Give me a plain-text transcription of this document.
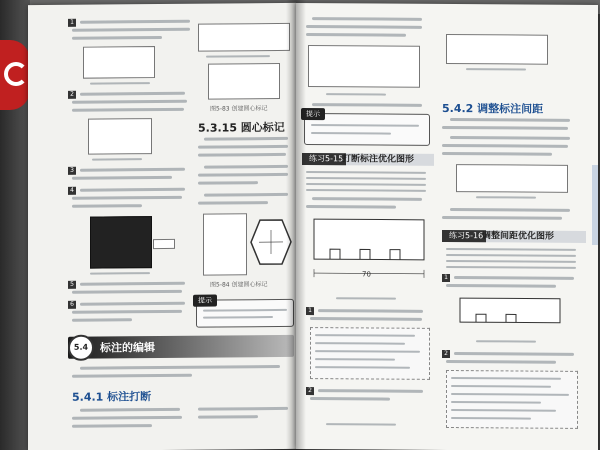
1
2
3
4
5
6
图5-83 创建圆心标记
5.3.15 圆心标记
图5-84 创建圆心标记
提示
5.4	标注的编辑
5.4.1 标注打断
提示
练习5-15
打断标注优化图形
70
1
2
5.4.2 调整标注间距
练习5-16
调整间距优化图形
1
2
